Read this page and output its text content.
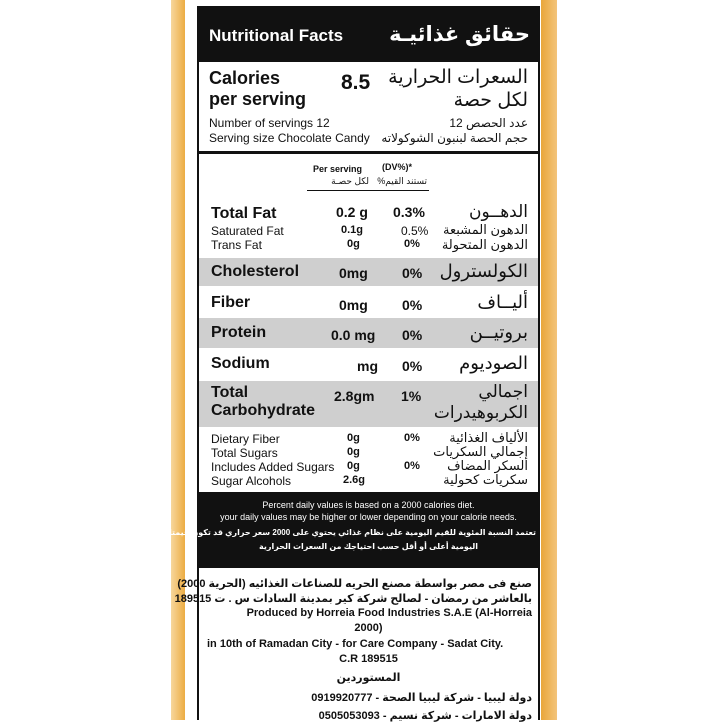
Nutritional Facts حقائق غذائيـة
Calories
per serving
8.5 السعرات الحرارية
لكل حصة
Number of servings 12	عدد الحصص 12
Serving size Chocolate Candy حجم الحصة لبنبون الشوكولاته
Per serving
لكل حصـة
(DV%)*
تستند القيم%
Total Fat	0.2 g 0.3%	الدهــون
Saturated Fat	0.1g	0.5% الدهون المشبعة
Trans Fat	0g	0% الدهون المتحولة
Cholesterol	0mg 0% الكولسترول
Fiber	0mg 0%	أليــاف
Protein	0.0 mg 0%	بروتيــن
Sodium	mg 0% الصوديوم
Total
Carbohydrate
2.8gm 1%	اجمالي
الكربوهيدرات
Dietary Fiber	0g	0% الألياف الغذائية
Total Sugars	0g	إجمالي السكريات
Includes Added Sugars 0g	0% السكر المضاف
Sugar Alcohols	2.6g	سكريات كحولية
Percent daily values is based on a 2000 calories diet.
your daily values may be higher or lower depending on your calorie needs.
تعتمد النسبة المئوية للقيم اليومية على نظام غذائي يحتوي على 2000 سعر حراري قد تكون قيمتك
اليومية أعلى أو أقل حسب احتياجك من السعرات الحرارية
صنع فى مصر بواسطة مصنع الحريه للصناعات الغذائيه (الحرية 2000)
بالعاشر من رمضان - لصالح شركة كير بمدينة السادات س . ت 189515
Produced by Horreia Food Industries S.A.E (Al-Horreia
2000)
in 10th of Ramadan City - for Care Company - Sadat City.
C.R 189515
المستوردين
دولة ليبيا - شركة ليبيا الصحة - 0919920777
دولة الامارات - شركة نسيم - 0505053093
